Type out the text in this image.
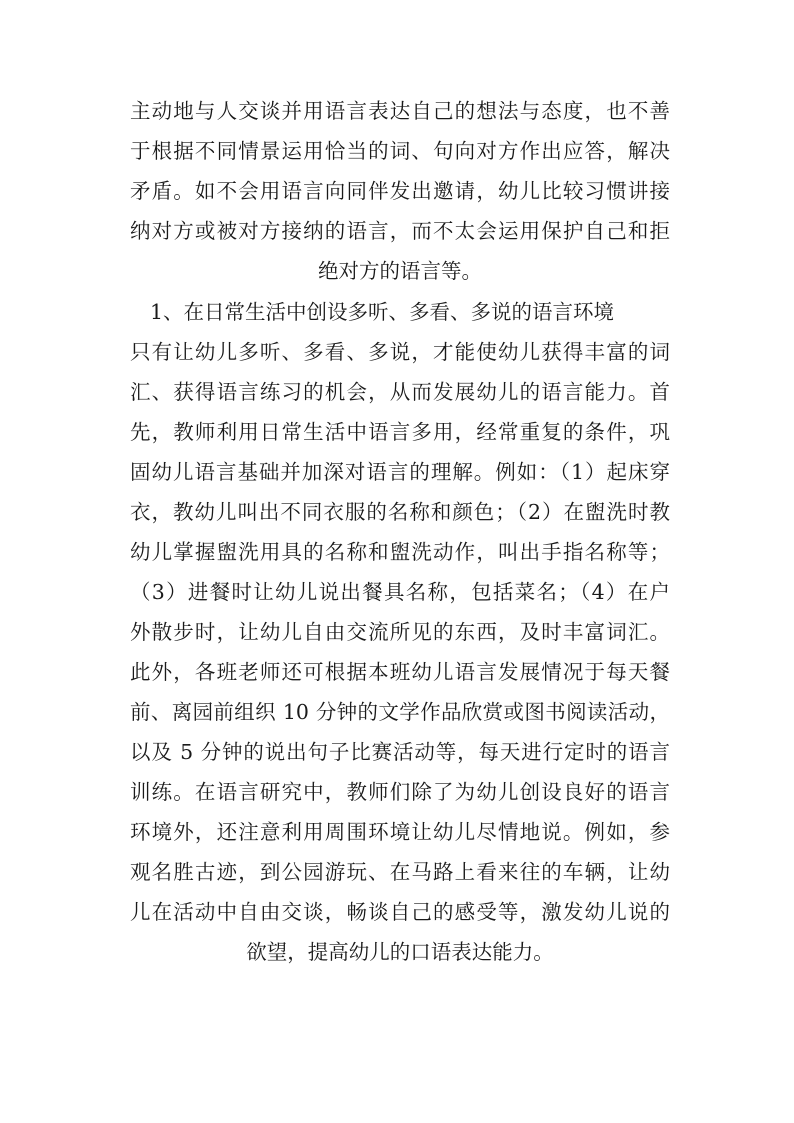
主动地与人交谈并用语言表达自己的想法与态度，也不善
于根据不同情景运用恰当的词、句向对方作出应答，解决
矛盾。如不会用语言向同伴发出邀请，幼儿比较习惯讲接
纳对方或被对方接纳的语言，而不太会运用保护自己和拒
绝对方的语言等。
1、在日常生活中创设多听、多看、多说的语言环境
只有让幼儿多听、多看、多说，才能使幼儿获得丰富的词
汇、获得语言练习的机会，从而发展幼儿的语言能力。首
先，教师利用日常生活中语言多用，经常重复的条件，巩
固幼儿语言基础并加深对语言的理解。例如：（1）起床穿
衣，教幼儿叫出不同衣服的名称和颜色；（2）在盥洗时教
幼儿掌握盥洗用具的名称和盥洗动作，叫出手指名称等；
（3）进餐时让幼儿说出餐具名称，包括菜名；（4）在户
外散步时，让幼儿自由交流所见的东西，及时丰富词汇。
此外，各班老师还可根据本班幼儿语言发展情况于每天餐
前、离园前组织 10 分钟的文学作品欣赏或图书阅读活动，
以及 5 分钟的说出句子比赛活动等，每天进行定时的语言
训练。在语言研究中，教师们除了为幼儿创设良好的语言
环境外，还注意利用周围环境让幼儿尽情地说。例如，参
观名胜古迹，到公园游玩、在马路上看来往的车辆，让幼
儿在活动中自由交谈，畅谈自己的感受等，激发幼儿说的
欲望，提高幼儿的口语表达能力。
